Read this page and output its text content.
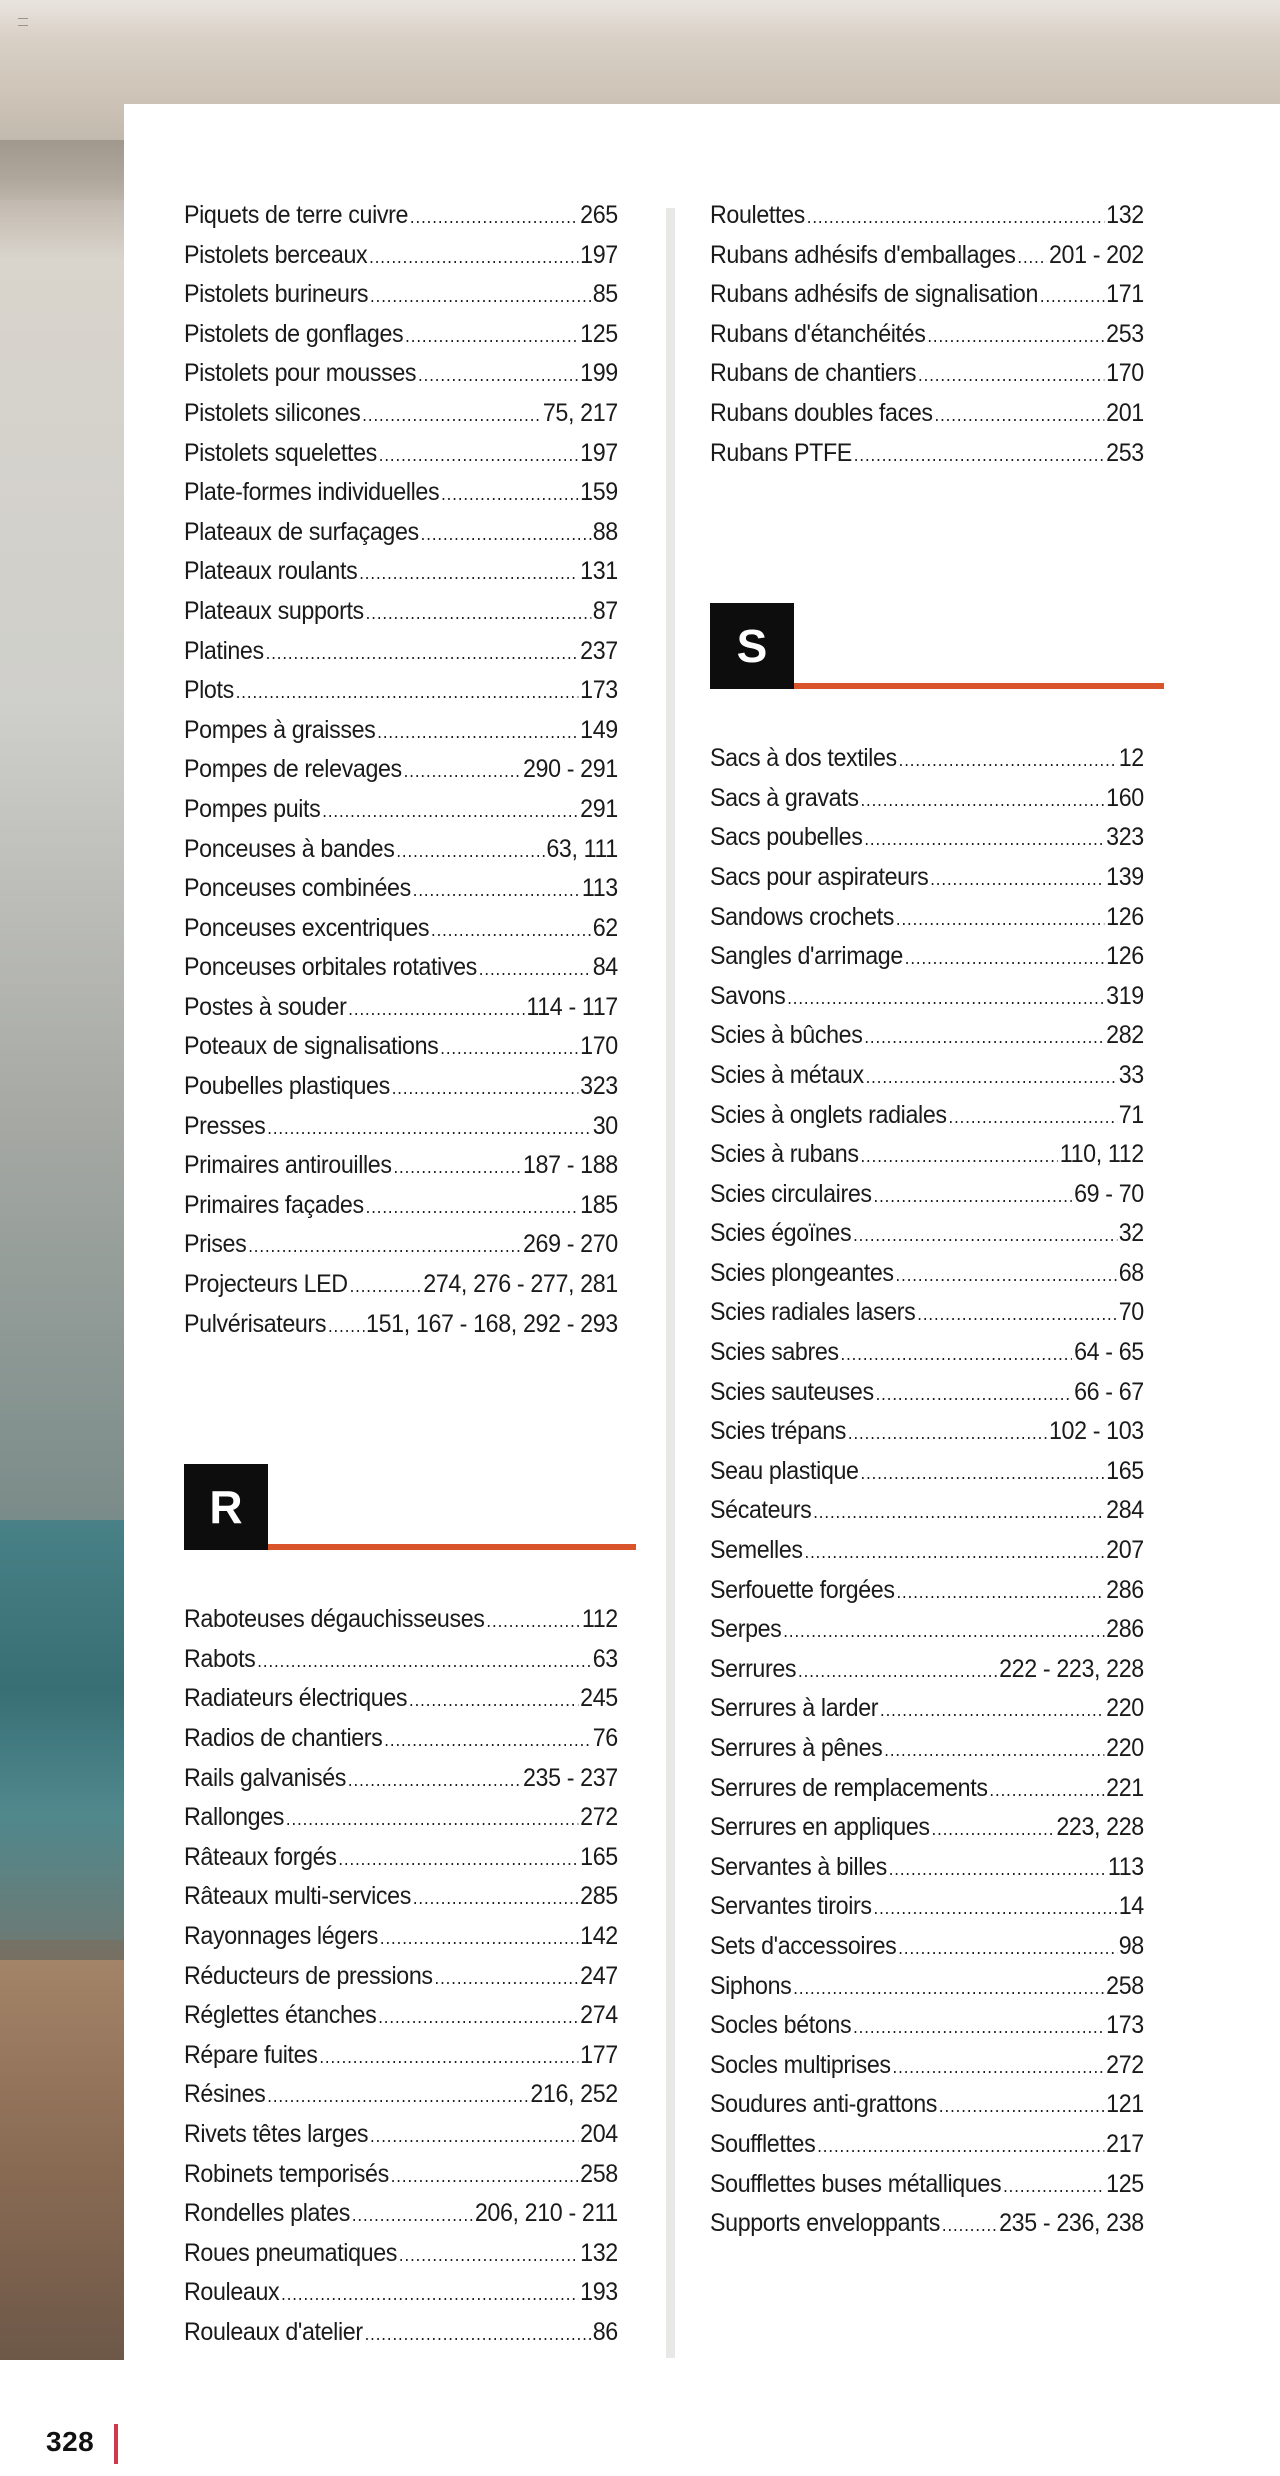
Piquets de terre cuivre .....	265
Pistolets berceaux .....	197
Pistolets burineurs .....	85
Pistolets de gonflages .....	125
Pistolets pour mousses .....	199
Pistolets silicones .....	75, 217
Pistolets squelettes .....	197
Plate-formes individuelles .....	159
Plateaux de surfaçages .....	88
Plateaux roulants .....	131
Plateaux supports .....	87
Platines .....	237
Plots .....	173
Pompes à graisses .....	149
Pompes de relevages .....	290 - 291
Pompes puits .....	291
Ponceuses à bandes .....	63, 111
Ponceuses combinées .....	113
Ponceuses excentriques .....	62
Ponceuses orbitales rotatives .....	84
Postes à souder .....	114 - 117
Poteaux de signalisations .....	170
Poubelles plastiques .....	323
Presses .....	30
Primaires antirouilles .....	187 - 188
Primaires façades .....	185
Prises .....	269 - 270
Projecteurs LED .....	274, 276 - 277, 281
Pulvérisateurs ..... 151, 167 - 168, 292 - 293
R
Raboteuses dégauchisseuses .....	112
Rabots .....	63
Radiateurs électriques .....	245
Radios de chantiers .....	76
Rails galvanisés .....	235 - 237
Rallonges .....	272
Râteaux forgés .....	165
Râteaux multi-services .....	285
Rayonnages légers .....	142
Réducteurs de pressions .....	247
Réglettes étanches .....	274
Répare fuites .....	177
Résines .....	216, 252
Rivets têtes larges .....	204
Robinets temporisés .....	258
Rondelles plates .....	206, 210 - 211
Roues pneumatiques .....	132
Rouleaux .....	193
Rouleaux d'atelier .....	86
Roulettes .....	132
Rubans adhésifs d'emballages ..... 201 - 202
Rubans adhésifs de signalisation .....	171
Rubans d'étanchéités .....	253
Rubans de chantiers .....	170
Rubans doubles faces .....	201
Rubans PTFE .....	253
S
Sacs à dos textiles .....	12
Sacs à gravats .....	160
Sacs poubelles .....	323
Sacs pour aspirateurs .....	139
Sandows crochets .....	126
Sangles d'arrimage .....	126
Savons .....	319
Scies à bûches .....	282
Scies à métaux .....	33
Scies à onglets radiales .....	71
Scies à rubans .....	110, 112
Scies circulaires .....	69 - 70
Scies égoïnes .....	32
Scies plongeantes .....	68
Scies radiales lasers .....	70
Scies sabres .....	64 - 65
Scies sauteuses .....	66 - 67
Scies trépans .....	102 - 103
Seau plastique .....	165
Sécateurs .....	284
Semelles .....	207
Serfouette forgées .....	286
Serpes .....	286
Serrures .....	222 - 223, 228
Serrures à larder .....	220
Serrures à pênes .....	220
Serrures de remplacements .....	221
Serrures en appliques .....	223, 228
Servantes à billes .....	113
Servantes tiroirs .....	14
Sets d'accessoires .....	98
Siphons .....	258
Socles bétons .....	173
Socles multiprises .....	272
Soudures anti-grattons .....	121
Soufflettes .....	217
Soufflettes buses métalliques .....	125
Supports enveloppants ..... 235 - 236, 238
328
